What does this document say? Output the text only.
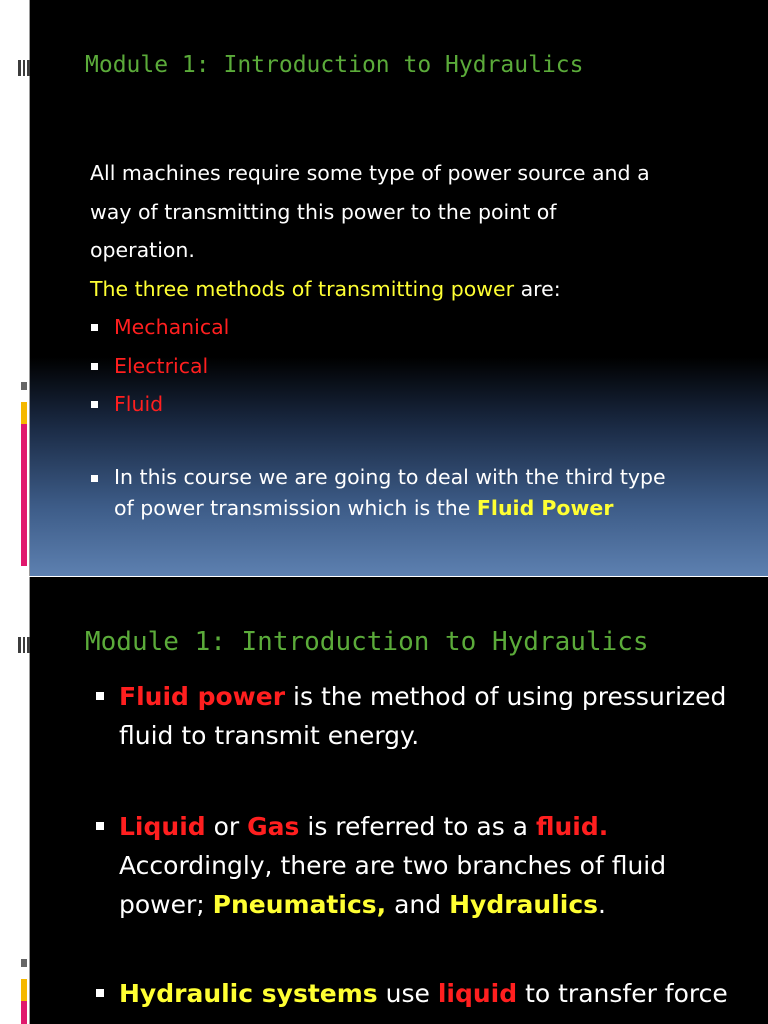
Module 1: Introduction to Hydraulics
All machines require some type of power source and a
way of transmitting this power to the point of
operation.
The three methods of transmitting power are:
Mechanical
Electrical
Fluid
In this course we are going to deal with the third type
of power transmission which is the Fluid Power
Module 1: Introduction to Hydraulics
Fluid power is the method of using pressurized
fluid to transmit energy.
Liquid or Gas is referred to as a fluid.
Accordingly, there are two branches of fluid
power; Pneumatics, and Hydraulics.
Hydraulic systems use liquid to transfer force
